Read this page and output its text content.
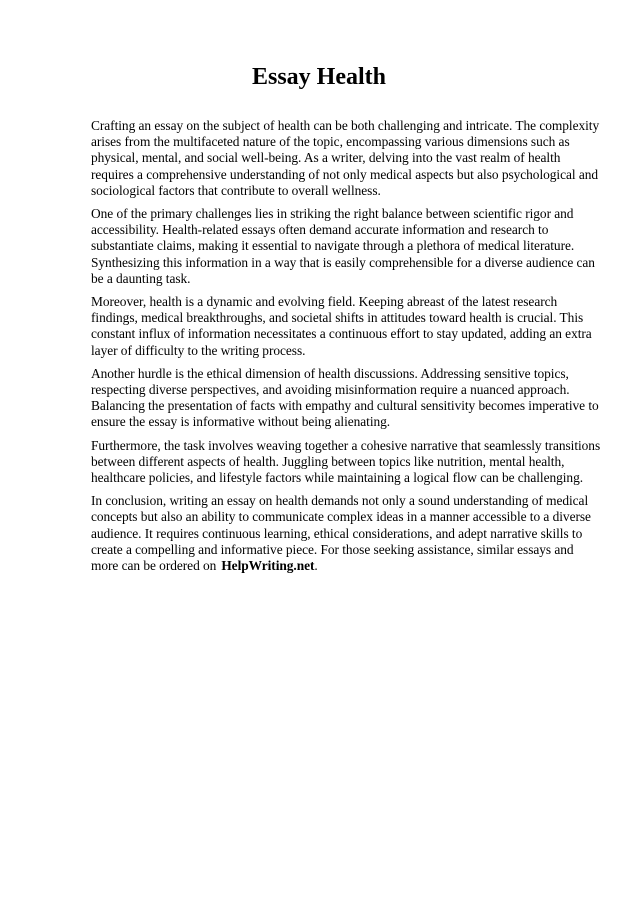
Essay Health

Crafting an essay on the subject of health can be both challenging and intricate. The complexity arises from the multifaceted nature of the topic, encompassing various dimensions such as physical, mental, and social well-being. As a writer, delving into the vast realm of health requires a comprehensive understanding of not only medical aspects but also psychological and sociological factors that contribute to overall wellness.

One of the primary challenges lies in striking the right balance between scientific rigor and accessibility. Health-related essays often demand accurate information and research to substantiate claims, making it essential to navigate through a plethora of medical literature. Synthesizing this information in a way that is easily comprehensible for a diverse audience can be a daunting task.

Moreover, health is a dynamic and evolving field. Keeping abreast of the latest research findings, medical breakthroughs, and societal shifts in attitudes toward health is crucial. This constant influx of information necessitates a continuous effort to stay updated, adding an extra layer of difficulty to the writing process.

Another hurdle is the ethical dimension of health discussions. Addressing sensitive topics, respecting diverse perspectives, and avoiding misinformation require a nuanced approach. Balancing the presentation of facts with empathy and cultural sensitivity becomes imperative to ensure the essay is informative without being alienating.

Furthermore, the task involves weaving together a cohesive narrative that seamlessly transitions between different aspects of health. Juggling between topics like nutrition, mental health, healthcare policies, and lifestyle factors while maintaining a logical flow can be challenging.

In conclusion, writing an essay on health demands not only a sound understanding of medical concepts but also an ability to communicate complex ideas in a manner accessible to a diverse audience. It requires continuous learning, ethical considerations, and adept narrative skills to create a compelling and informative piece. For those seeking assistance, similar essays and more can be ordered on HelpWriting.net.
